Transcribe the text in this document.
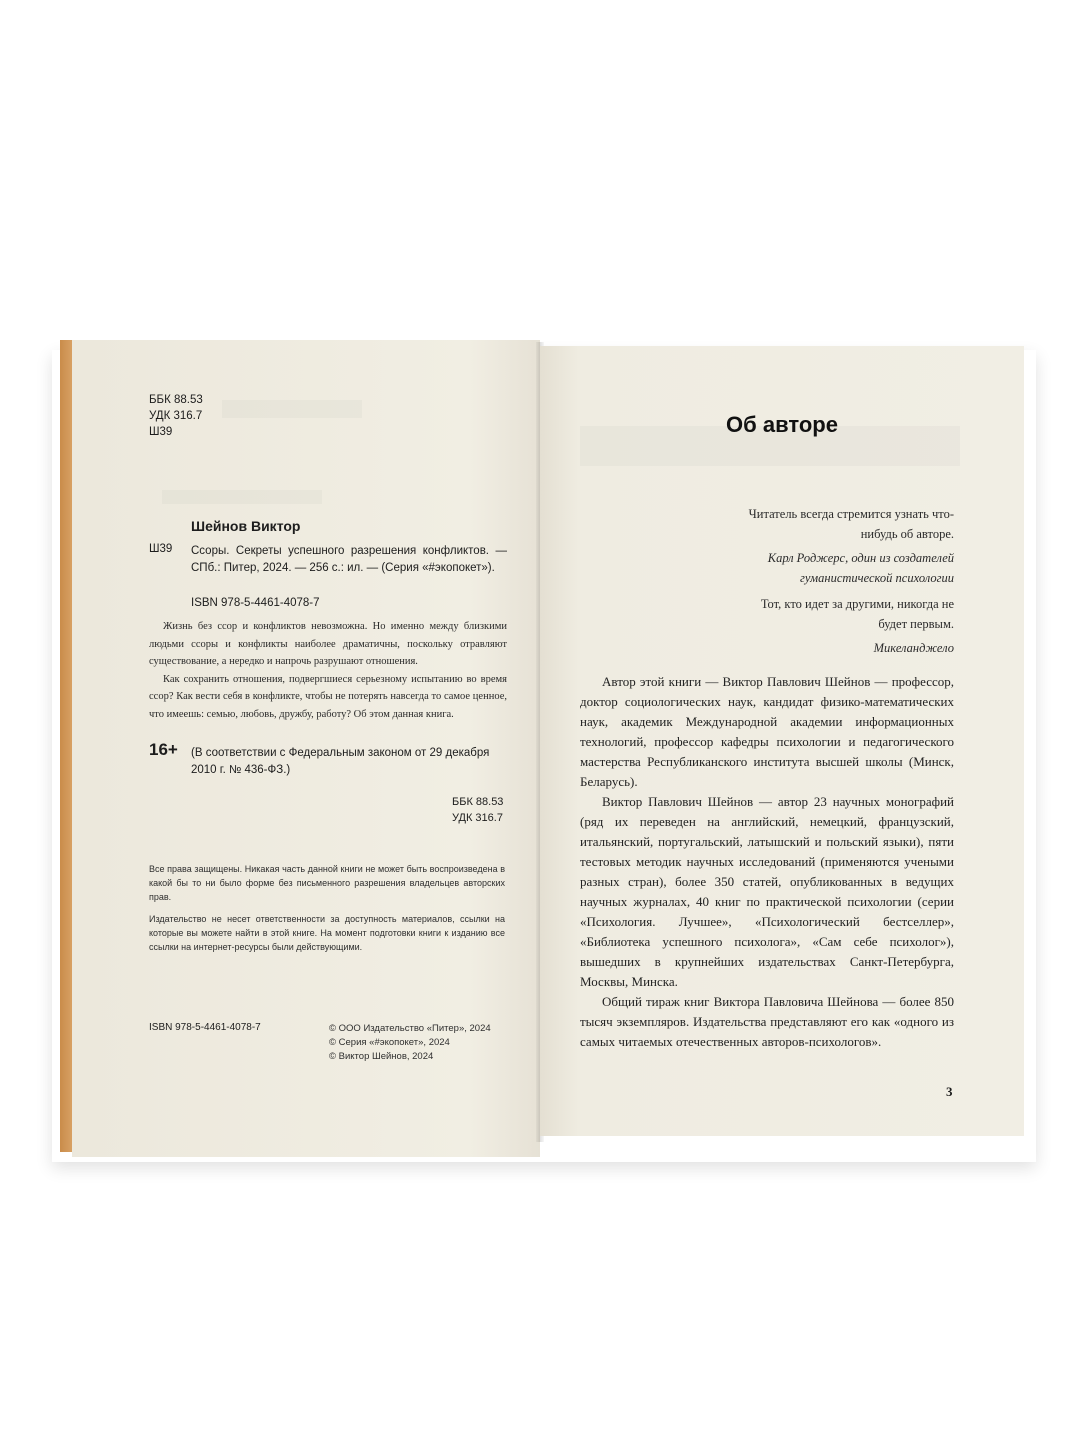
ББК 88.53
УДК 316.7
Ш39
Шейнов Виктор
Ш39 Ссоры. Секреты успешного разрешения конфликтов. — СПб.: Питер, 2024. — 256 с.: ил. — (Серия «#экопокет»).
ISBN 978-5-4461-4078-7

Жизнь без ссор и конфликтов невозможна. Но именно между близкими людьми ссоры и конфликты наиболее драматичны, поскольку отравляют существование, а нередко и напрочь разрушают отношения.

Как сохранить отношения, подвергшиеся серьезному испытанию во время ссор? Как вести себя в конфликте, чтобы не потерять навсегда то самое ценное, что имеешь: семью, любовь, дружбу, работу? Об этом данная книга.

16+ (В соответствии с Федеральным законом от 29 декабря 2010 г. № 436-ФЗ.)
ББК 88.53
УДК 316.7
Все права защищены. Никакая часть данной книги не может быть воспроизведена в какой бы то ни было форме без письменного разрешения владельцев авторских прав.
Издательство не несет ответственности за доступность материалов, ссылки на которые вы можете найти в этой книге. На момент подготовки книги к изданию все ссылки на интернет-ресурсы были действующими.
ISBN 978-5-4461-4078-7	© ООО Издательство «Питер», 2024
© Серия «#экопокет», 2024
© Виктор Шейнов, 2024
Об авторе

Читатель всегда стремится узнать что-нибудь об авторе.

Карл Роджерс, один из создателей гуманистической психологии

Тот, кто идет за другими, никогда не будет первым.

Микеланджело

Автор этой книги — Виктор Павлович Шейнов — профессор, доктор социологических наук, кандидат физико-математических наук, академик Международной академии информационных технологий, профессор кафедры психологии и педагогического мастерства Республиканского института высшей школы (Минск, Беларусь).

Виктор Павлович Шейнов — автор 23 научных монографий (ряд их переведен на английский, немецкий, французский, итальянский, португальский, латышский и польский языки), пяти тестовых методик научных исследований (применяются учеными разных стран), более 350 статей, опубликованных в ведущих научных журналах, 40 книг по практической психологии (серии «Психология. Лучшее», «Психологический бестселлер», «Библиотека успешного психолога», «Сам себе психолог»), вышедших в крупнейших издательствах Санкт-Петербурга, Москвы, Минска.

Общий тираж книг Виктора Павловича Шейнова — более 850 тысяч экземпляров. Издательства представляют его как «одного из самых читаемых отечественных авторов-психологов».

3
